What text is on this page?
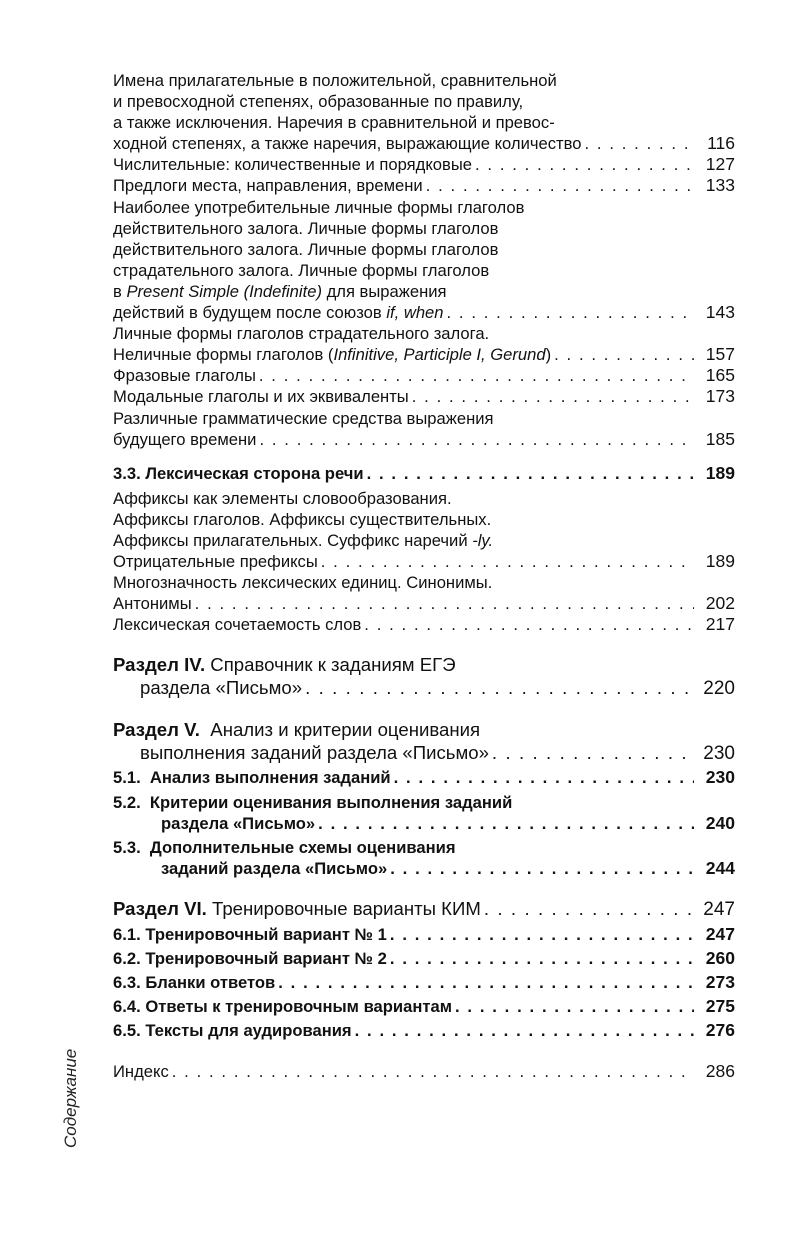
Имена прилагательные в положительной, сравнительной
и превосходной степенях, образованные по правилу,
а также исключения. Наречия в сравнительной и превос-
ходной степенях, а также наречия, выражающие количество . . .	116
Числительные: количественные и порядковые . . .	127
Предлоги места, направления, времени . . .	133
Наиболее употребительные личные формы глаголов
действительного залога. Личные формы глаголов
действительного залога. Личные формы глаголов
страдательного залога. Личные формы глаголов
в Present Simple (Indefinite) для выражения
действий в будущем после союзов if, when . . .	143
Личные формы глаголов страдательного залога.
Неличные формы глаголов (Infinitive, Participle I, Gerund) . . .	157
Фразовые глаголы . . .	165
Модальные глаголы и их эквиваленты . . .	173
Различные грамматические средства выражения
будущего времени . . .	185
3.3. Лексическая сторона речи . . .	189
Аффиксы как элементы словообразования.
Аффиксы глаголов. Аффиксы существительных.
Аффиксы прилагательных. Суффикс наречий -ly.
Отрицательные префиксы . . .	189
Многозначность лексических единиц. Синонимы.
Антонимы . . .	202
Лексическая сочетаемость слов . . .	217
Раздел IV. Справочник к заданиям ЕГЭ
раздела «Письмо» . . .	220
Раздел V. Анализ и критерии оценивания
выполнения заданий раздела «Письмо» . . .	230
5.1. Анализ выполнения заданий . . .	230
5.2. Критерии оценивания выполнения заданий
раздела «Письмо» . . .	240
5.3. Дополнительные схемы оценивания
заданий раздела «Письмо» . . .	244
Раздел VI. Тренировочные варианты КИМ . . .	247
6.1. Тренировочный вариант № 1 . . .	247
6.2. Тренировочный вариант № 2 . . .	260
6.3. Бланки ответов . . .	273
6.4. Ответы к тренировочным вариантам . . .	275
6.5. Тексты для аудирования . . .	276
Индекс . . .	286
Содержание
